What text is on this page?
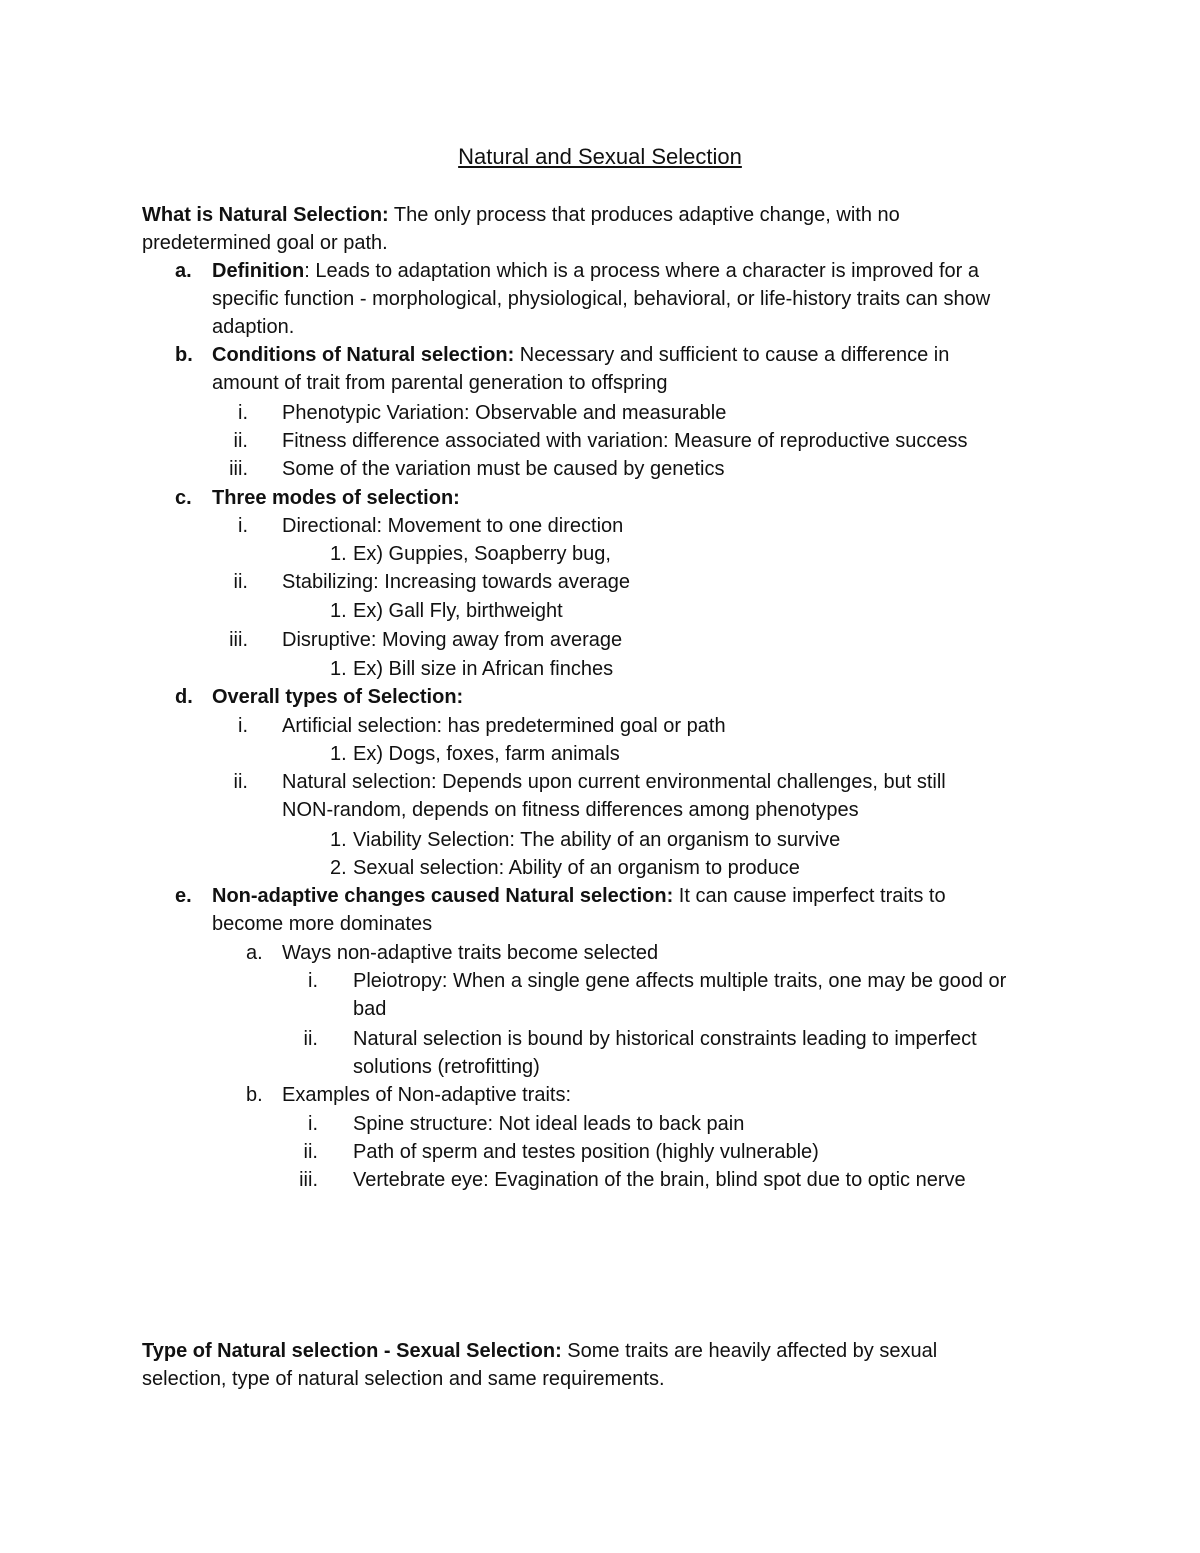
Natural and Sexual Selection
What is Natural Selection: The only process that produces adaptive change, with no
predetermined goal or path.
a. Definition: Leads to adaptation which is a process where a character is improved for a
specific function - morphological, physiological, behavioral, or life-history traits can show
adaption.
b. Conditions of Natural selection: Necessary and sufficient to cause a difference in
amount of trait from parental generation to offspring
i. Phenotypic Variation: Observable and measurable
ii. Fitness difference associated with variation: Measure of reproductive success
iii. Some of the variation must be caused by genetics
c. Three modes of selection:
i. Directional: Movement to one direction
1. Ex) Guppies, Soapberry bug,
ii. Stabilizing: Increasing towards average
1. Ex) Gall Fly, birthweight
iii. Disruptive: Moving away from average
1. Ex) Bill size in African finches
d. Overall types of Selection:
i. Artificial selection: has predetermined goal or path
1. Ex) Dogs, foxes, farm animals
ii. Natural selection: Depends upon current environmental challenges, but still
NON-random, depends on fitness differences among phenotypes
1. Viability Selection: The ability of an organism to survive
2. Sexual selection: Ability of an organism to produce
e. Non-adaptive changes caused Natural selection: It can cause imperfect traits to
become more dominates
a. Ways non-adaptive traits become selected
i. Pleiotropy: When a single gene affects multiple traits, one may be good or
bad
ii. Natural selection is bound by historical constraints leading to imperfect
solutions (retrofitting)
b. Examples of Non-adaptive traits:
i. Spine structure: Not ideal leads to back pain
ii. Path of sperm and testes position (highly vulnerable)
iii. Vertebrate eye: Evagination of the brain, blind spot due to optic nerve
Type of Natural selection - Sexual Selection: Some traits are heavily affected by sexual
selection, type of natural selection and same requirements.
